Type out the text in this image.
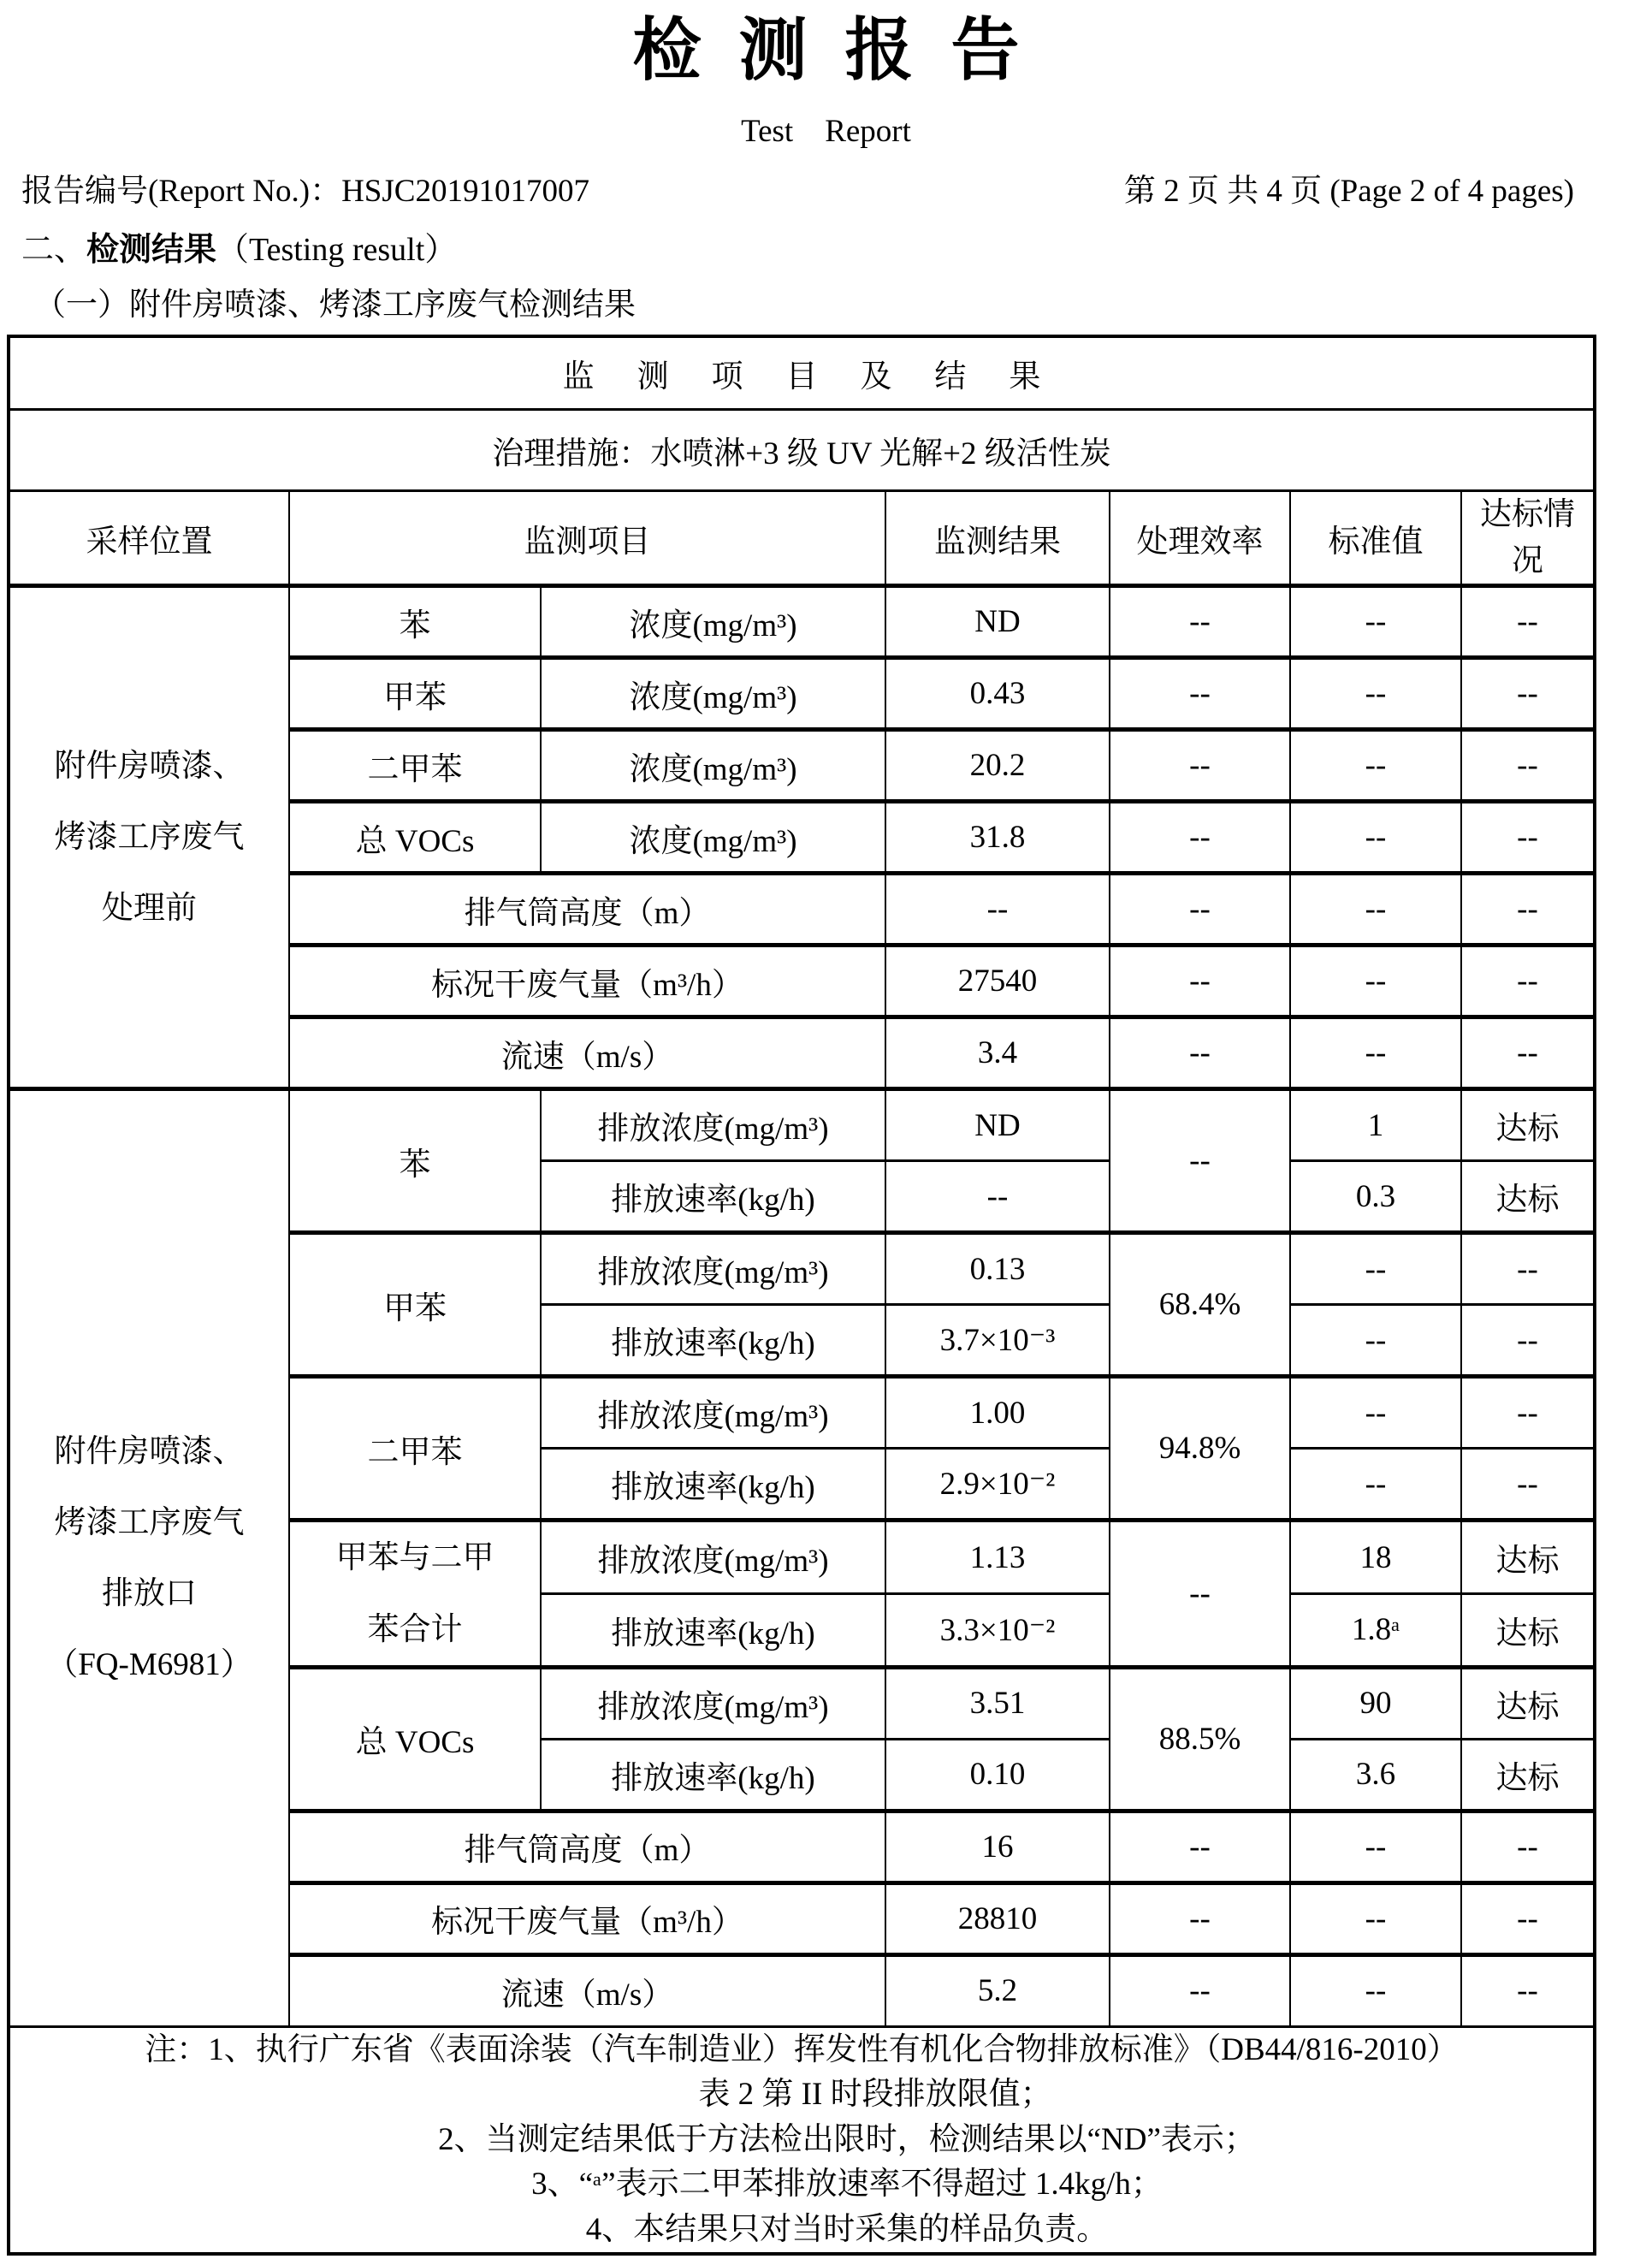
检测报告
Test    Report
报告编号(Report No.)：HSJC20191017007	第 2 页 共 4 页 (Page 2 of 4 pages)
二、检测结果（Testing result）
（一）附件房喷漆、烤漆工序废气检测结果
监测项目及结果						
治理措施：水喷淋+3 级 UV 光解+2 级活性炭						
采样位置	监测项目		监测结果	处理效率	标准值	达标情况

附件房喷漆、
烤漆工序废气
处理前	苯	浓度(mg/m³)	ND	--	--	--
	甲苯	浓度(mg/m³)	0.43	--	--	--
	二甲苯	浓度(mg/m³)	20.2	--	--	--
	总 VOCs	浓度(mg/m³)	31.8	--	--	--
	排气筒高度（m）		--	--	--	--
	标况干废气量（m³/h）		27540	--	--	--
	流速（m/s）		3.4	--	--	--

附件房喷漆、
烤漆工序废气
排放口
（FQ-M6981）	苯	排放浓度(mg/m³)	ND	--	1	达标
		排放速率(kg/h)	--		0.3	达标
	甲苯	排放浓度(mg/m³)	0.13	68.4%	--	--
		排放速率(kg/h)	3.7×10⁻³		--	--
	二甲苯	排放浓度(mg/m³)	1.00	94.8%	--	--
		排放速率(kg/h)	2.9×10⁻²		--	--

	甲苯与二甲
苯合计	排放浓度(mg/m³)	1.13	--	18	达标
		排放速率(kg/h)	3.3×10⁻²		1.8ᵃ	达标
	总 VOCs	排放浓度(mg/m³)	3.51	88.5%	90	达标
		排放速率(kg/h)	0.10		3.6	达标
	排气筒高度（m）		16	--	--	--
	标况干废气量（m³/h）		28810	--	--	--
	流速（m/s）		5.2	--	--	--

注：1、执行广东省《表面涂装（汽车制造业）挥发性有机化合物排放标准》（DB44/816-2010）
表 2 第 II 时段排放限值；
2、当测定结果低于方法检出限时，检测结果以“ND”表示；
3、“ᵃ”表示二甲苯排放速率不得超过 1.4kg/h；
4、本结果只对当时采集的样品负责。						
